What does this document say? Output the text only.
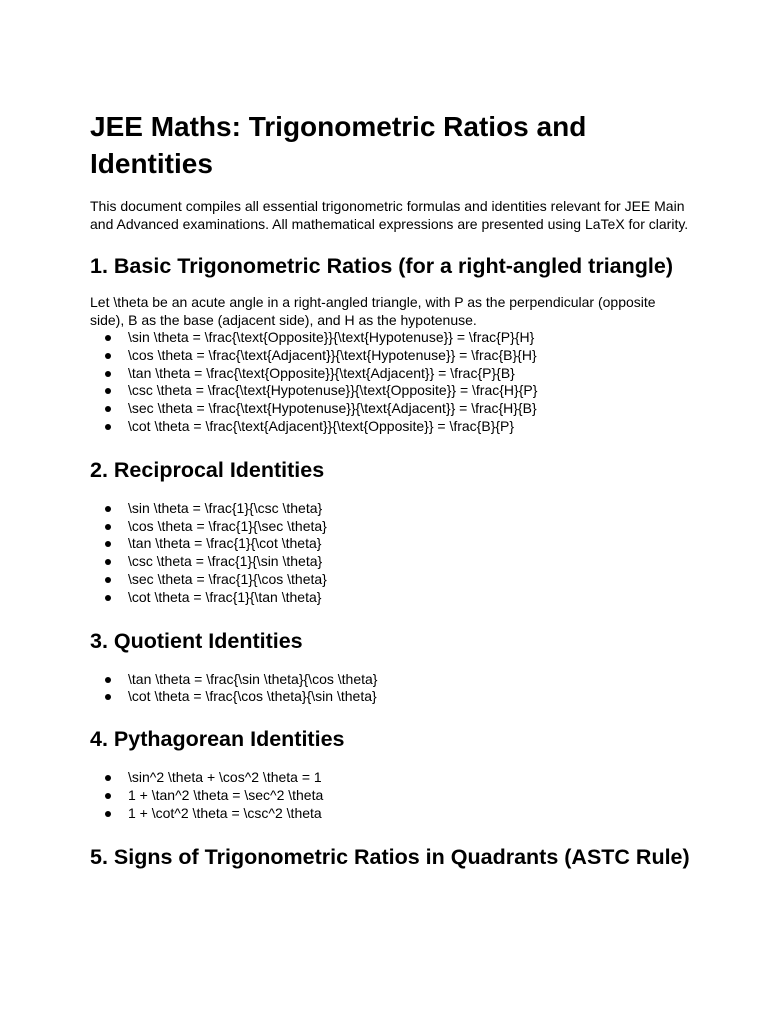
JEE Maths: Trigonometric Ratios and Identities

This document compiles all essential trigonometric formulas and identities relevant for JEE Main and Advanced examinations. All mathematical expressions are presented using LaTeX for clarity.

1. Basic Trigonometric Ratios (for a right-angled triangle)

Let \theta be an acute angle in a right-angled triangle, with P as the perpendicular (opposite side), B as the base (adjacent side), and H as the hypotenuse.

\sin \theta = \frac{\text{Opposite}}{\text{Hypotenuse}} = \frac{P}{H}
\cos \theta = \frac{\text{Adjacent}}{\text{Hypotenuse}} = \frac{B}{H}
\tan \theta = \frac{\text{Opposite}}{\text{Adjacent}} = \frac{P}{B}
\csc \theta = \frac{\text{Hypotenuse}}{\text{Opposite}} = \frac{H}{P}
\sec \theta = \frac{\text{Hypotenuse}}{\text{Adjacent}} = \frac{H}{B}
\cot \theta = \frac{\text{Adjacent}}{\text{Opposite}} = \frac{B}{P}
2. Reciprocal Identities
\sin \theta = \frac{1}{\csc \theta}
\cos \theta = \frac{1}{\sec \theta}
\tan \theta = \frac{1}{\cot \theta}
\csc \theta = \frac{1}{\sin \theta}
\sec \theta = \frac{1}{\cos \theta}
\cot \theta = \frac{1}{\tan \theta}
3. Quotient Identities
\tan \theta = \frac{\sin \theta}{\cos \theta}
\cot \theta = \frac{\cos \theta}{\sin \theta}
4. Pythagorean Identities
\sin^2 \theta + \cos^2 \theta = 1
1 + \tan^2 \theta = \sec^2 \theta
1 + \cot^2 \theta = \csc^2 \theta
5. Signs of Trigonometric Ratios in Quadrants (ASTC Rule)
